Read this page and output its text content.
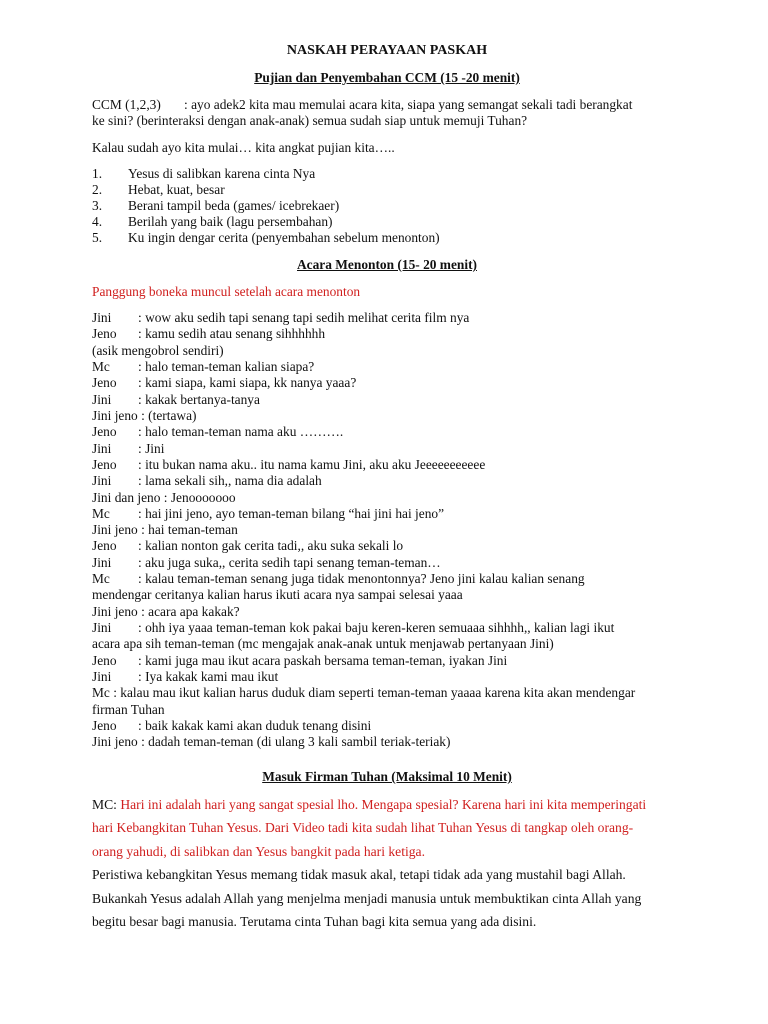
NASKAH PERAYAAN PASKAH
Pujian dan Penyembahan CCM (15 -20 menit)
CCM (1,2,3) : ayo adek2 kita mau memulai acara kita, siapa yang semangat sekali tadi berangkat
ke sini? (berinteraksi dengan anak-anak) semua sudah siap untuk memuji Tuhan?
Kalau sudah ayo kita mulai… kita angkat pujian kita…..
1. Yesus di salibkan karena cinta Nya
2. Hebat, kuat, besar
3. Berani tampil beda (games/ icebrekaer)
4. Berilah yang baik (lagu persembahan)
5. Ku ingin dengar cerita (penyembahan sebelum menonton)
Acara Menonton (15- 20 menit)
Panggung boneka muncul setelah acara menonton
Jini : wow aku sedih tapi senang tapi sedih melihat cerita film nya
Jeno : kamu sedih atau senang sihhhhhh
(asik mengobrol sendiri)
Mc : halo teman-teman kalian siapa?
Jeno : kami siapa, kami siapa, kk nanya yaaa?
Jini : kakak bertanya-tanya
Jini jeno : (tertawa)
Jeno : halo teman-teman nama aku ……….
Jini : Jini
Jeno : itu bukan nama aku.. itu nama kamu Jini, aku aku Jeeeeeeeeeee
Jini : lama sekali sih,, nama dia adalah
Jini dan jeno : Jenooooooo
Mc : hai jini jeno, ayo teman-teman bilang “hai jini hai jeno”
Jini jeno : hai teman-teman
Jeno : kalian nonton gak cerita tadi,, aku suka sekali lo
Jini : aku juga suka,, cerita sedih tapi senang teman-teman…
Mc : kalau teman-teman senang juga tidak menontonnya? Jeno jini kalau kalian senang
mendengar ceritanya kalian harus ikuti acara nya sampai selesai yaaa
Jini jeno : acara apa kakak?
Jini : ohh iya yaaa teman-teman kok pakai baju keren-keren semuaaa sihhhh,, kalian lagi ikut
acara apa sih teman-teman (mc mengajak anak-anak untuk menjawab pertanyaan Jini)
Jeno : kami juga mau ikut acara paskah bersama teman-teman, iyakan Jini
Jini : Iya kakak kami mau ikut
Mc : kalau mau ikut kalian harus duduk diam seperti teman-teman yaaaa karena kita akan mendengar
firman Tuhan
Jeno : baik kakak kami akan duduk tenang disini
Jini jeno : dadah teman-teman (di ulang 3 kali sambil teriak-teriak)
Masuk Firman Tuhan (Maksimal 10 Menit)
MC: Hari ini adalah hari yang sangat spesial lho. Mengapa spesial? Karena hari ini kita memperingati
hari Kebangkitan Tuhan Yesus. Dari Video tadi kita sudah lihat Tuhan Yesus di tangkap oleh orang-
orang yahudi, di salibkan dan Yesus bangkit pada hari ketiga.
Peristiwa kebangkitan Yesus memang tidak masuk akal, tetapi tidak ada yang mustahil bagi Allah.
Bukankah Yesus adalah Allah yang menjelma menjadi manusia untuk membuktikan cinta Allah yang
begitu besar bagi manusia. Terutama cinta Tuhan bagi kita semua yang ada disini.
